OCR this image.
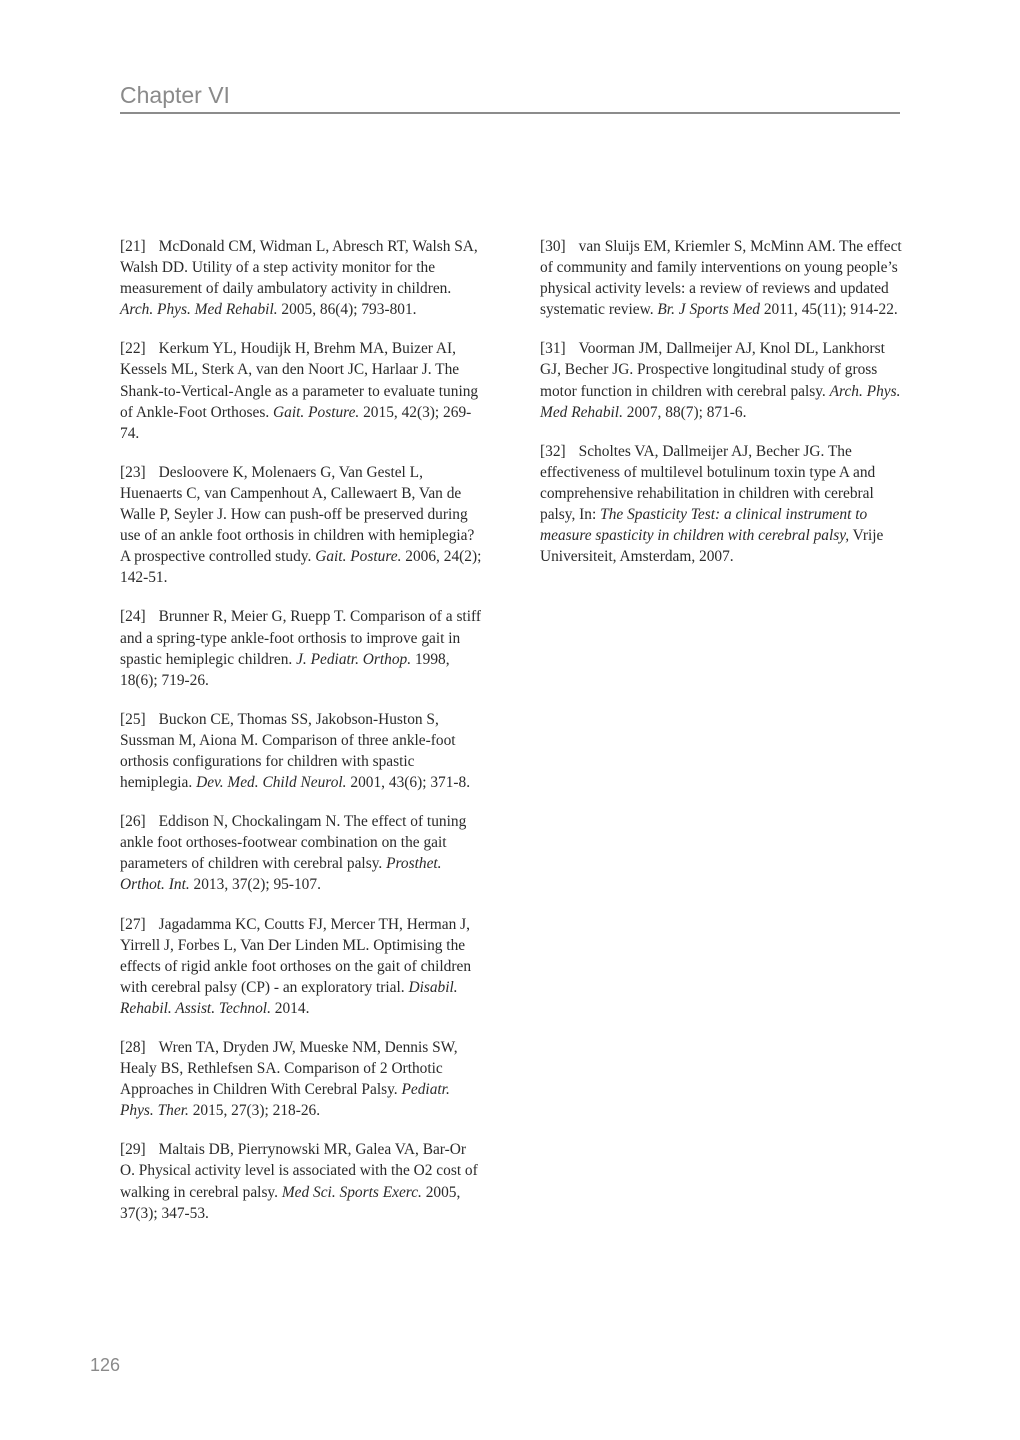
Chapter VI

[21] McDonald CM, Widman L, Abresch RT, Walsh SA, Walsh DD. Utility of a step activity monitor for the measurement of daily ambulatory activity in children. Arch. Phys. Med Rehabil. 2005, 86(4); 793-801.

[22] Kerkum YL, Houdijk H, Brehm MA, Buizer AI, Kessels ML, Sterk A, van den Noort JC, Harlaar J. The Shank-to-Vertical-Angle as a parameter to evaluate tuning of Ankle-Foot Orthoses. Gait. Posture. 2015, 42(3); 269-74.

[23] Desloovere K, Molenaers G, Van Gestel L, Huenaerts C, van Campenhout A, Callewaert B, Van de Walle P, Seyler J. How can push-off be preserved during use of an ankle foot orthosis in children with hemiplegia? A prospective controlled study. Gait. Posture. 2006, 24(2); 142-51.

[24] Brunner R, Meier G, Ruepp T. Comparison of a stiff and a spring-type ankle-foot orthosis to improve gait in spastic hemiplegic children. J. Pediatr. Orthop. 1998, 18(6); 719-26.

[25] Buckon CE, Thomas SS, Jakobson-Huston S, Sussman M, Aiona M. Comparison of three ankle-foot orthosis configurations for children with spastic hemiplegia. Dev. Med. Child Neurol. 2001, 43(6); 371-8.

[26] Eddison N, Chockalingam N. The effect of tuning ankle foot orthoses-footwear combination on the gait parameters of children with cerebral palsy. Prosthet. Orthot. Int. 2013, 37(2); 95-107.

[27] Jagadamma KC, Coutts FJ, Mercer TH, Herman J, Yirrell J, Forbes L, Van Der Linden ML. Optimising the effects of rigid ankle foot orthoses on the gait of children with cerebral palsy (CP) - an exploratory trial. Disabil. Rehabil. Assist. Technol. 2014.

[28] Wren TA, Dryden JW, Mueske NM, Dennis SW, Healy BS, Rethlefsen SA. Comparison of 2 Orthotic Approaches in Children With Cerebral Palsy. Pediatr. Phys. Ther. 2015, 27(3); 218-26.

[29] Maltais DB, Pierrynowski MR, Galea VA, Bar-Or O. Physical activity level is associated with the O2 cost of walking in cerebral palsy. Med Sci. Sports Exerc. 2005, 37(3); 347-53.

[30] van Sluijs EM, Kriemler S, McMinn AM. The effect of community and family interventions on young people’s physical activity levels: a review of reviews and updated systematic review. Br. J Sports Med 2011, 45(11); 914-22.

[31] Voorman JM, Dallmeijer AJ, Knol DL, Lankhorst GJ, Becher JG. Prospective longitudinal study of gross motor function in children with cerebral palsy. Arch. Phys. Med Rehabil. 2007, 88(7); 871-6.

[32] Scholtes VA, Dallmeijer AJ, Becher JG. The effectiveness of multilevel botulinum toxin type A and comprehensive rehabilitation in children with cerebral palsy, In: The Spasticity Test: a clinical instrument to measure spasticity in children with cerebral palsy, Vrije Universiteit, Amsterdam, 2007.

126
